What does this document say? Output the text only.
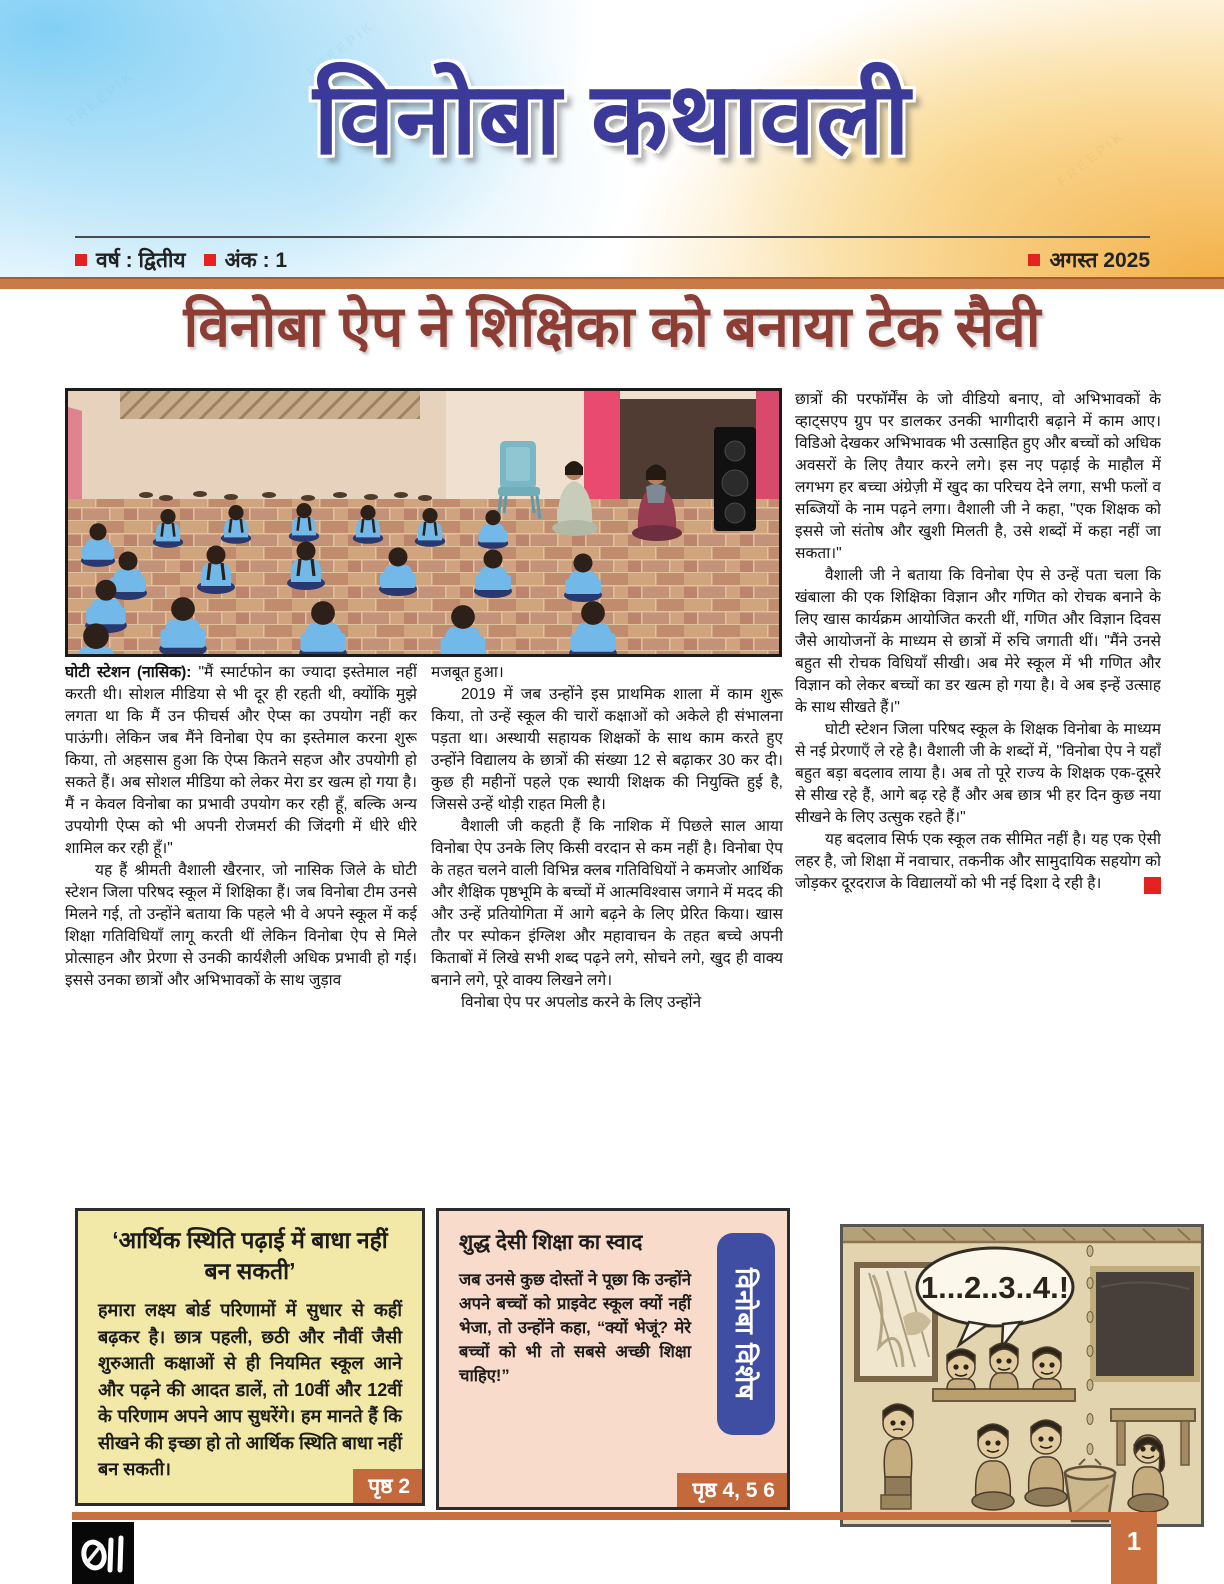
FREEPIK
FREEPIK
FREEPIK
विनोबा कथावली
वर्ष : द्वितीय अंक : 1	अगस्त 2025
विनोबा ऐप ने शिक्षिका को बनाया टेक सैवी

घोटी स्टेशन (नासिक): "मैं स्मार्टफोन का ज्यादा इस्तेमाल नहीं करती थी। सोशल मीडिया से भी दूर ही रहती थी, क्योंकि मुझे लगता था कि मैं उन फीचर्स और ऐप्स का उपयोग नहीं कर पाऊंगी। लेकिन जब मैंने विनोबा ऐप का इस्तेमाल करना शुरू किया, तो अहसास हुआ कि ऐप्स कितने सहज और उपयोगी हो सकते हैं। अब सोशल मीडिया को लेकर मेरा डर खत्म हो गया है। मैं न केवल विनोबा का प्रभावी उपयोग कर रही हूँ, बल्कि अन्य उपयोगी ऐप्स को भी अपनी रोजमर्रा की जिंदगी में धीरे धीरे शामिल कर रही हूँ।"

यह हैं श्रीमती वैशाली खैरनार, जो नासिक जिले के घोटी स्टेशन जिला परिषद स्कूल में शिक्षिका हैं। जब विनोबा टीम उनसे मिलने गई, तो उन्होंने बताया कि पहले भी वे अपने स्कूल में कई शिक्षा गतिविधियाँ लागू करती थीं लेकिन विनोबा ऐप से मिले प्रोत्साहन और प्रेरणा से उनकी कार्यशैली अधिक प्रभावी हो गई। इससे उनका छात्रों और अभिभावकों के साथ जुड़ाव

मजबूत हुआ।

2019 में जब उन्होंने इस प्राथमिक शाला में काम शुरू किया, तो उन्हें स्कूल की चारों कक्षाओं को अकेले ही संभालना पड़ता था। अस्थायी सहायक शिक्षकों के साथ काम करते हुए उन्होंने विद्यालय के छात्रों की संख्या 12 से बढ़ाकर 30 कर दी। कुछ ही महीनों पहले एक स्थायी शिक्षक की नियुक्ति हुई है, जिससे उन्हें थोड़ी राहत मिली है।

वैशाली जी कहती हैं कि नाशिक में पिछले साल आया विनोबा ऐप उनके लिए किसी वरदान से कम नहीं है। विनोबा ऐप के तहत चलने वाली विभिन्न क्लब गतिविधियों ने कमजोर आर्थिक और शैक्षिक पृष्ठभूमि के बच्चों में आत्मविश्वास जगाने में मदद की और उन्हें प्रतियोगिता में आगे बढ़ने के लिए प्रेरित किया। खास तौर पर स्पोकन इंग्लिश और महावाचन के तहत बच्चे अपनी किताबों में लिखे सभी शब्द पढ़ने लगे, सोचने लगे, खुद ही वाक्य बनाने लगे, पूरे वाक्य लिखने लगे।

विनोबा ऐप पर अपलोड करने के लिए उन्होंने

छात्रों की परफॉर्मेंस के जो वीडियो बनाए, वो अभिभावकों के व्हाट्सएप ग्रुप पर डालकर उनकी भागीदारी बढ़ाने में काम आए। विडिओ देखकर अभिभावक भी उत्साहित हुए और बच्चों को अधिक अवसरों के लिए तैयार करने लगे। इस नए पढ़ाई के माहौल में लगभग हर बच्चा अंग्रेज़ी में खुद का परिचय देने लगा, सभी फलों व सब्जियों के नाम पढ़ने लगा। वैशाली जी ने कहा, "एक शिक्षक को इससे जो संतोष और खुशी मिलती है, उसे शब्दों में कहा नहीं जा सकता।"

वैशाली जी ने बताया कि विनोबा ऐप से उन्हें पता चला कि खंबाला की एक शिक्षिका विज्ञान और गणित को रोचक बनाने के लिए खास कार्यक्रम आयोजित करती थीं, गणित और विज्ञान दिवस जैसे आयोजनों के माध्यम से छात्रों में रुचि जगाती थीं। "मैंने उनसे बहुत सी रोचक विधियाँ सीखी। अब मेरे स्कूल में भी गणित और विज्ञान को लेकर बच्चों का डर खत्म हो गया है। वे अब इन्हें उत्साह के साथ सीखते हैं।"

घोटी स्टेशन जिला परिषद स्कूल के शिक्षक विनोबा के माध्यम से नई प्रेरणाएँ ले रहे है। वैशाली जी के शब्दों में, "विनोबा ऐप ने यहाँ बहुत बड़ा बदलाव लाया है। अब तो पूरे राज्य के शिक्षक एक-दूसरे से सीख रहे हैं, आगे बढ़ रहे हैं और अब छात्र भी हर दिन कुछ नया सीखने के लिए उत्सुक रहते हैं।"

यह बदलाव सिर्फ एक स्कूल तक सीमित नहीं है। यह एक ऐसी लहर है, जो शिक्षा में नवाचार, तकनीक और सामुदायिक सहयोग को जोड़कर दूरदराज के विद्यालयों को भी नई दिशा दे रही है।

‘आर्थिक स्थिति पढ़ाई में बाधा नहीं बन सकती’
हमारा लक्ष्य बोर्ड परिणामों में सुधार से कहीं बढ़कर है। छात्र पहली, छठी और नौवीं जैसी शुरुआती कक्षाओं से ही नियमित स्कूल आने और पढ़ने की आदत डालें, तो 10वीं और 12वीं के परिणाम अपने आप सुधरेंगे। हम मानते हैं कि सीखने की इच्छा हो तो आर्थिक स्थिति बाधा नहीं बन सकती।
पृष्ठ 2
शुद्ध देसी शिक्षा का स्वाद
जब उनसे कुछ दोस्तों ने पूछा कि उन्होंने अपने बच्चों को प्राइवेट स्कूल क्यों नहीं भेजा, तो उन्होंने कहा, “क्यों भेजूं? मेरे बच्चों को भी तो सबसे अच्छी शिक्षा चाहिए!”	विनोबा विशेष
पृष्ठ 4, 5 6
1...2..3..4.!
1
